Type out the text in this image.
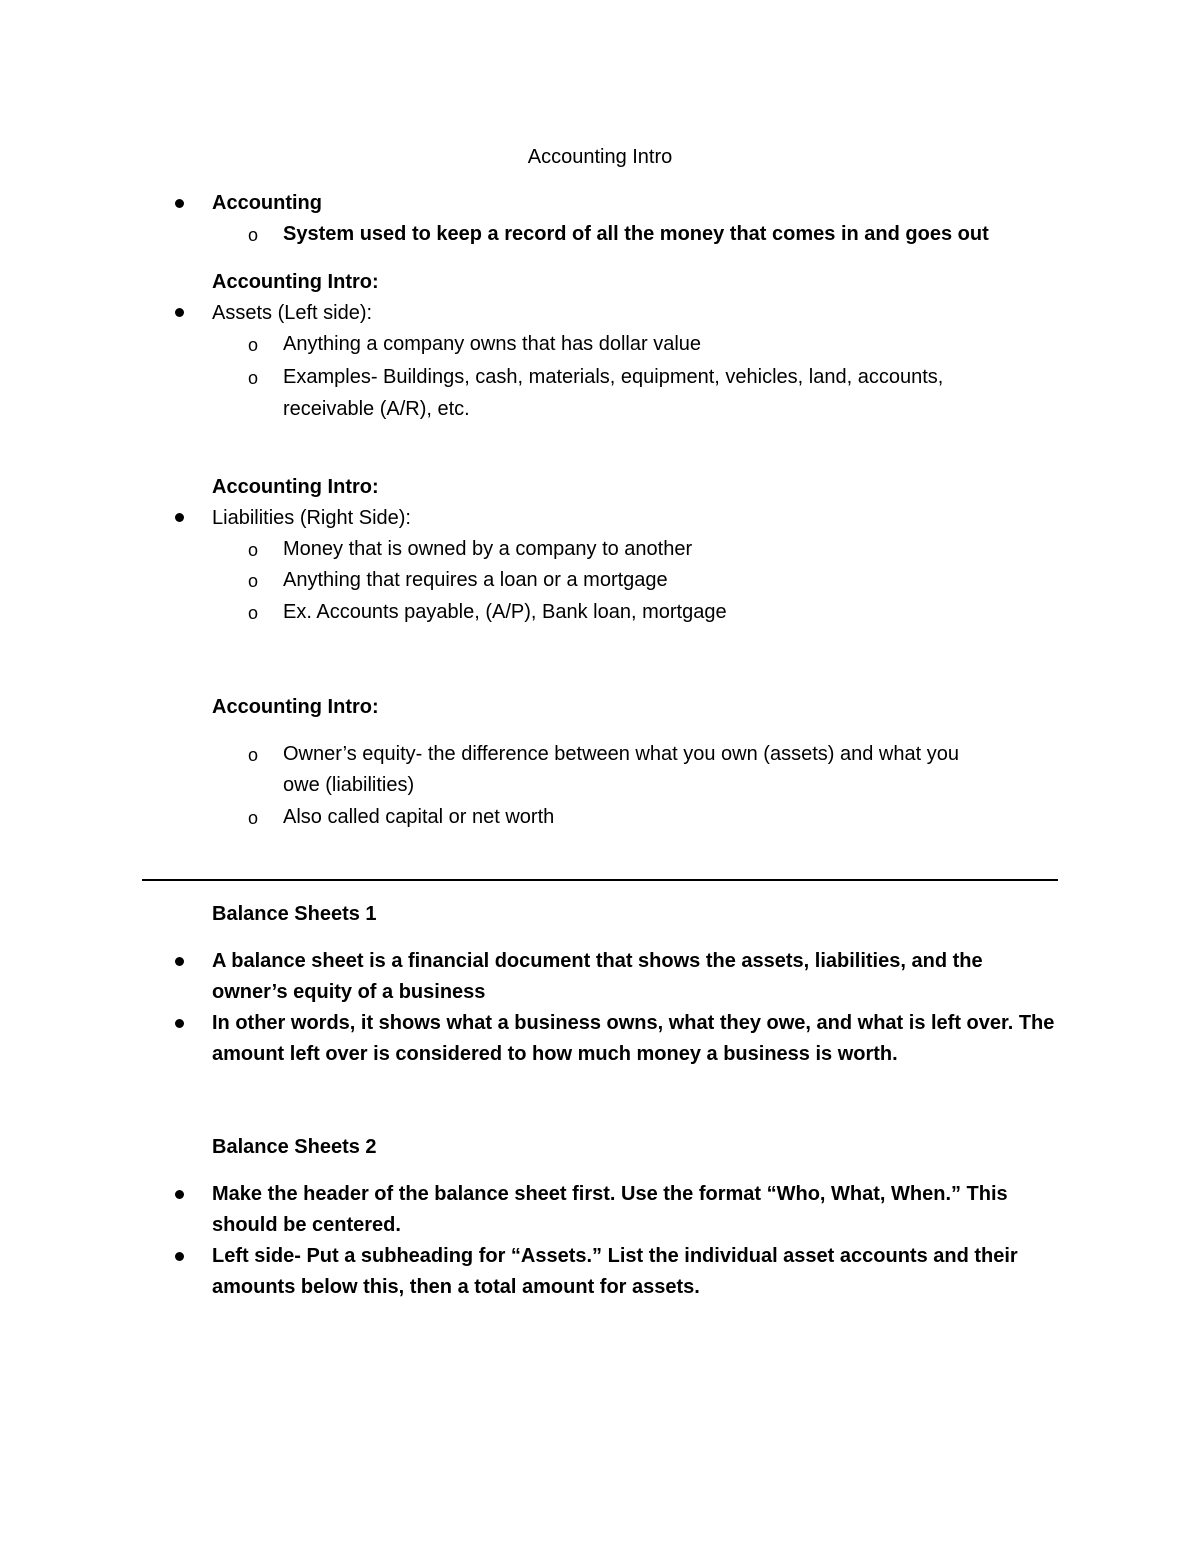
Accounting Intro
Accounting
o System used to keep a record of all the money that comes in and goes out
Accounting Intro:
Assets (Left side):
o Anything a company owns that has dollar value
o Examples- Buildings, cash, materials, equipment, vehicles, land, accounts,
receivable (A/R), etc.
Accounting Intro:
Liabilities (Right Side):
o Money that is owned by a company to another
o Anything that requires a loan or a mortgage
o Ex. Accounts payable, (A/P), Bank loan, mortgage
Accounting Intro:
o Owner’s equity- the difference between what you own (assets) and what you
owe (liabilities)
o Also called capital or net worth
Balance Sheets 1
A balance sheet is a financial document that shows the assets, liabilities, and the
owner’s equity of a business
In other words, it shows what a business owns, what they owe, and what is left over. The
amount left over is considered to how much money a business is worth.
Balance Sheets 2
Make the header of the balance sheet first. Use the format “Who, What, When.” This
should be centered.
Left side- Put a subheading for “Assets.” List the individual asset accounts and their
amounts below this, then a total amount for assets.
